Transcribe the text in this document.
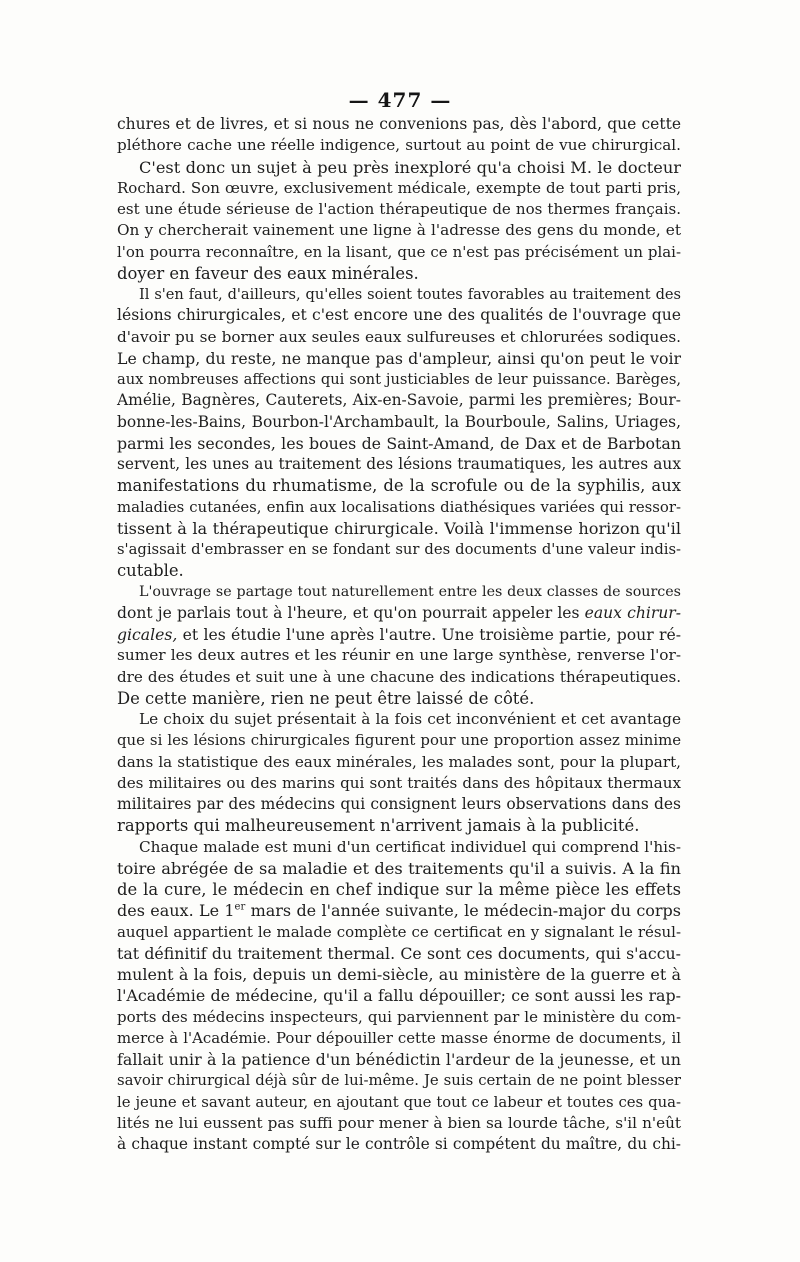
— 477 —
chures et de livres, et si nous ne convenions pas, dès l'abord, que cette
pléthore cache une réelle indigence, surtout au point de vue chirurgical.
C'est donc un sujet à peu près inexploré qu'a choisi M. le docteur
Rochard. Son œuvre, exclusivement médicale, exempte de tout parti pris,
est une étude sérieuse de l'action thérapeutique de nos thermes français.
On y chercherait vainement une ligne à l'adresse des gens du monde, et
l'on pourra reconnaître, en la lisant, que ce n'est pas précisément un plai-
doyer en faveur des eaux minérales.
Il s'en faut, d'ailleurs, qu'elles soient toutes favorables au traitement des
lésions chirurgicales, et c'est encore une des qualités de l'ouvrage que
d'avoir pu se borner aux seules eaux sulfureuses et chlorurées sodiques.
Le champ, du reste, ne manque pas d'ampleur, ainsi qu'on peut le voir
aux nombreuses affections qui sont justiciables de leur puissance. Barèges,
Amélie, Bagnères, Cauterets, Aix-en-Savoie, parmi les premières; Bour-
bonne-les-Bains, Bourbon-l'Archambault, la Bourboule, Salins, Uriages,
parmi les secondes, les boues de Saint-Amand, de Dax et de Barbotan
servent, les unes au traitement des lésions traumatiques, les autres aux
manifestations du rhumatisme, de la scrofule ou de la syphilis, aux
maladies cutanées, enfin aux localisations diathésiques variées qui ressor-
tissent à la thérapeutique chirurgicale. Voilà l'immense horizon qu'il
s'agissait d'embrasser en se fondant sur des documents d'une valeur indis-
cutable.
L'ouvrage se partage tout naturellement entre les deux classes de sources
dont je parlais tout à l'heure, et qu'on pourrait appeler les eaux chirur-
gicales, et les étudie l'une après l'autre. Une troisième partie, pour ré-
sumer les deux autres et les réunir en une large synthèse, renverse l'or-
dre des études et suit une à une chacune des indications thérapeutiques.
De cette manière, rien ne peut être laissé de côté.
Le choix du sujet présentait à la fois cet inconvénient et cet avantage
que si les lésions chirurgicales figurent pour une proportion assez minime
dans la statistique des eaux minérales, les malades sont, pour la plupart,
des militaires ou des marins qui sont traités dans des hôpitaux thermaux
militaires par des médecins qui consignent leurs observations dans des
rapports qui malheureusement n'arrivent jamais à la publicité.
Chaque malade est muni d'un certificat individuel qui comprend l'his-
toire abrégée de sa maladie et des traitements qu'il a suivis. A la fin
de la cure, le médecin en chef indique sur la même pièce les effets
des eaux. Le 1er mars de l'année suivante, le médecin-major du corps
auquel appartient le malade complète ce certificat en y signalant le résul-
tat définitif du traitement thermal. Ce sont ces documents, qui s'accu-
mulent à la fois, depuis un demi-siècle, au ministère de la guerre et à
l'Académie de médecine, qu'il a fallu dépouiller; ce sont aussi les rap-
ports des médecins inspecteurs, qui parviennent par le ministère du com-
merce à l'Académie. Pour dépouiller cette masse énorme de documents, il
fallait unir à la patience d'un bénédictin l'ardeur de la jeunesse, et un
savoir chirurgical déjà sûr de lui-même. Je suis certain de ne point blesser
le jeune et savant auteur, en ajoutant que tout ce labeur et toutes ces qua-
lités ne lui eussent pas suffi pour mener à bien sa lourde tâche, s'il n'eût
à chaque instant compté sur le contrôle si compétent du maître, du chi-
